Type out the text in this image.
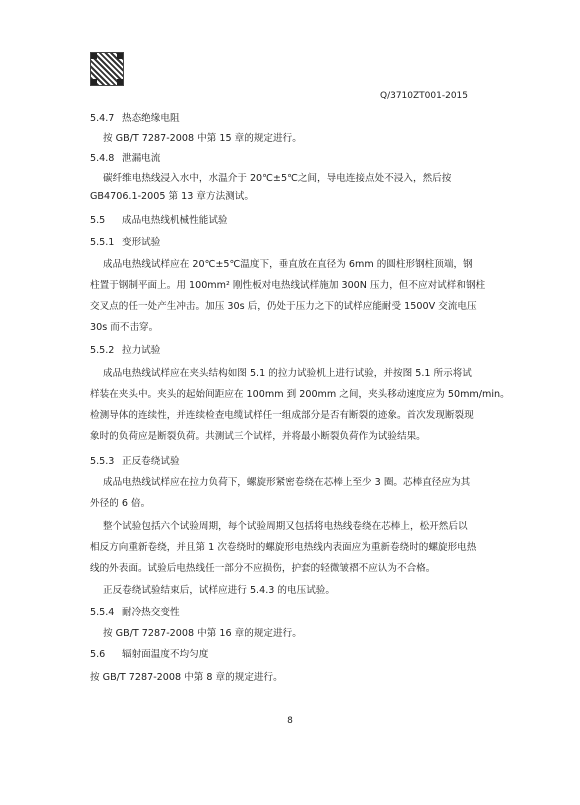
Q/3710ZT001-2015
5.4.7 热态绝缘电阻
按 GB/T 7287-2008 中第 15 章的规定进行。
5.4.8 泄漏电流
碳纤维电热线浸入水中，水温介于 20℃±5℃之间，导电连接点处不浸入，然后按
GB4706.1-2005 第 13 章方法测试。
5.5 成品电热线机械性能试验
5.5.1 变形试验
成品电热线试样应在 20℃±5℃温度下，垂直放在直径为 6mm 的圆柱形钢柱顶端，钢
柱置于钢制平面上。用 100mm² 刚性板对电热线试样施加 300N 压力，但不应对试样和钢柱
交叉点的任一处产生冲击。加压 30s 后，仍处于压力之下的试样应能耐受 1500V 交流电压
30s 而不击穿。
5.5.2 拉力试验
成品电热线试样应在夹头结构如图 5.1 的拉力试验机上进行试验，并按图 5.1 所示将试
样装在夹头中。夹头的起始间距应在 100mm 到 200mm 之间，夹头移动速度应为 50mm/min。
检测导体的连续性，并连续检查电缆试样任一组成部分是否有断裂的迹象。首次发现断裂现
象时的负荷应是断裂负荷。共测试三个试样，并将最小断裂负荷作为试验结果。
5.5.3 正反卷绕试验
成品电热线试样应在拉力负荷下，螺旋形紧密卷绕在芯棒上至少 3 圈。芯棒直径应为其
外径的 6 倍。
整个试验包括六个试验周期，每个试验周期又包括将电热线卷绕在芯棒上，松开然后以
相反方向重新卷绕，并且第 1 次卷绕时的螺旋形电热线内表面应为重新卷绕时的螺旋形电热
线的外表面。试验后电热线任一部分不应损伤，护套的轻微皱褶不应认为不合格。
正反卷绕试验结束后，试样应进行 5.4.3 的电压试验。
5.5.4 耐冷热交变性
按 GB/T 7287-2008 中第 16 章的规定进行。
5.6 辐射面温度不均匀度
按 GB/T 7287-2008 中第 8 章的规定进行。
8
